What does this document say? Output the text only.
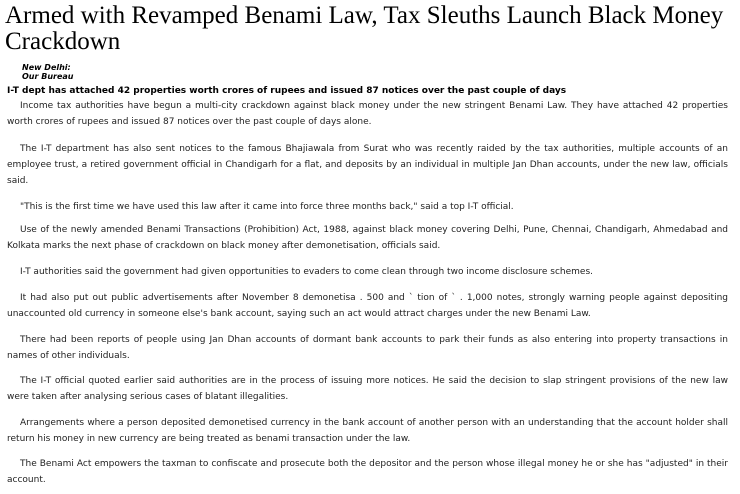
Armed with Revamped Benami Law, Tax Sleuths Launch Black Money Crackdown
New Delhi:
Our Bureau
I-T dept has attached 42 properties worth crores of rupees and issued 87 notices over the past couple of days

Income tax authorities have begun a multi-city crackdown against black money under the new stringent Benami Law. They have attached 42 properties worth crores of rupees and issued 87 notices over the past couple of days alone.

The I-T department has also sent notices to the famous Bhajiawala from Surat who was recently raided by the tax authorities, multiple accounts of an employee trust, a retired government official in Chandigarh for a flat, and deposits by an individual in multiple Jan Dhan accounts, under the new law, officials said.

"This is the first time we have used this law after it came into force three months back," said a top I-T official.

Use of the newly amended Benami Transactions (Prohibition) Act, 1988, against black money covering Delhi, Pune, Chennai, Chandigarh, Ahmedabad and Kolkata marks the next phase of crackdown on black money after demonetisation, officials said.

I-T authorities said the government had given opportunities to evaders to come clean through two income disclosure schemes.

It had also put out public advertisements after November 8 demonetisa . 500 and ` tion of ` . 1,000 notes, strongly warning people against depositing unaccounted old currency in someone else's bank account, saying such an act would attract charges under the new Benami Law.

There had been reports of people using Jan Dhan accounts of dormant bank accounts to park their funds as also entering into property transactions in names of other individuals.

The I-T official quoted earlier said authorities are in the process of issuing more notices. He said the decision to slap stringent provisions of the new law were taken after analysing serious cases of blatant illegalities.

Arrangements where a person deposited demonetised currency in the bank account of another person with an understanding that the account holder shall return his money in new currency are being treated as benami transaction under the law.

The Benami Act empowers the taxman to confiscate and prosecute both the depositor and the person whose illegal money he or she has "adjusted" in their account.
